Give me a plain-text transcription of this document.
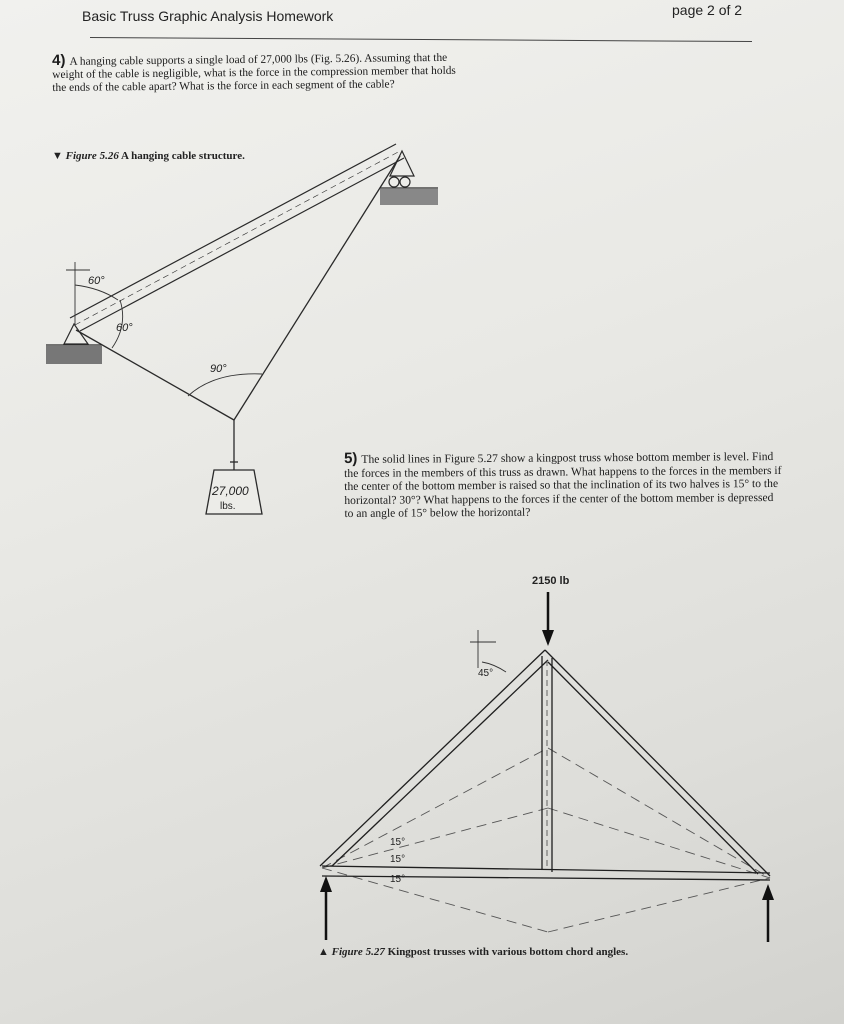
Basic Truss Graphic Analysis Homework	page 2 of 2
4) A hanging cable supports a single load of 27,000 lbs (Fig. 5.26). Assuming that the weight of the cable is negligible, what is the force in the compression member that holds the ends of the cable apart? What is the force in each segment of the cable?
▼ Figure 5.26 A hanging cable structure.
60°
60°
90°
27,000
lbs.
5) The solid lines in Figure 5.27 show a kingpost truss whose bottom member is level. Find the forces in the members of this truss as drawn. What happens to the forces in the members if the center of the bottom member is raised so that the inclination of its two halves is 15° to the horizontal? 30°? What happens to the forces if the center of the bottom member is depressed to an angle of 15° below the horizontal?
2150 lb
45°
15°
15°
15°
▲ Figure 5.27 Kingpost trusses with various bottom chord angles.
